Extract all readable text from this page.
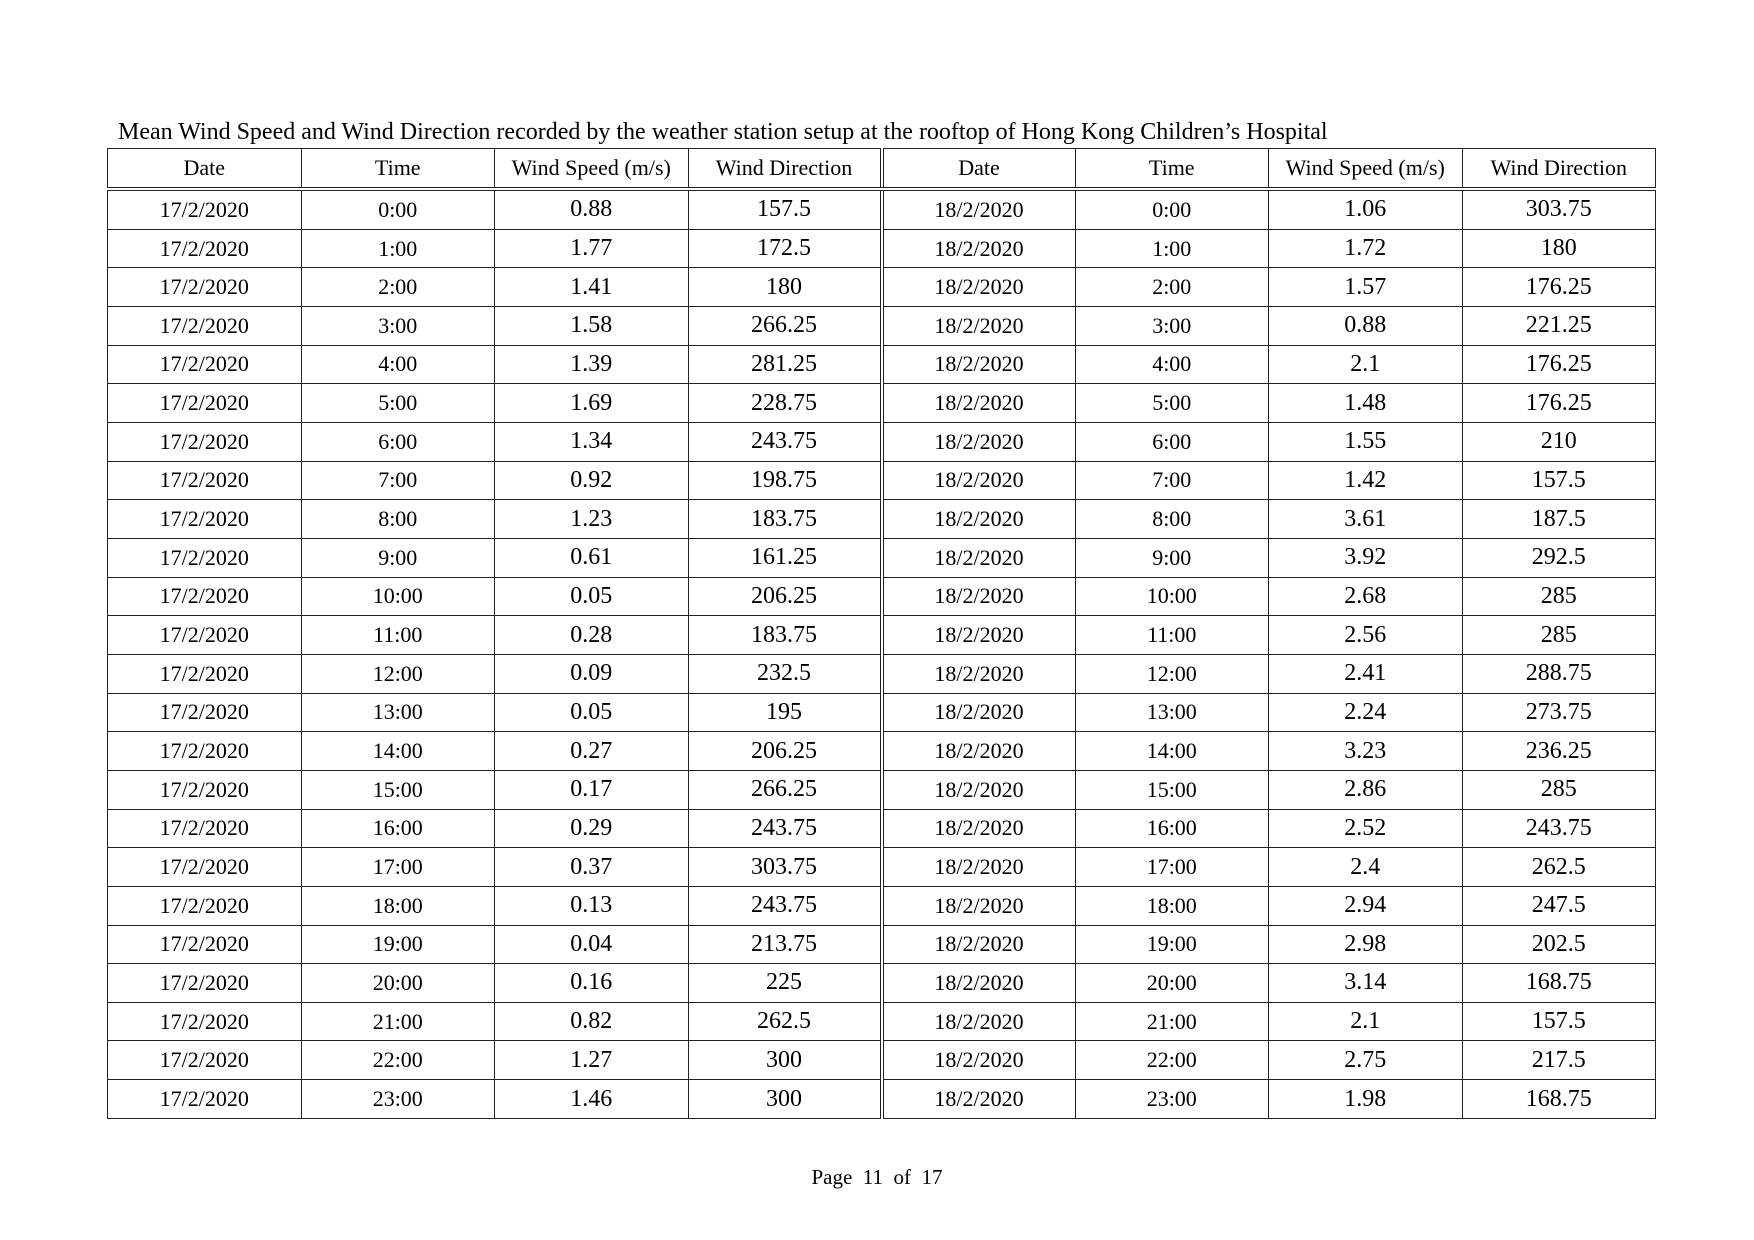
Mean Wind Speed and Wind Direction recorded by the weather station setup at the rooftop of Hong Kong Children’s Hospital
Date	Time	Wind Speed (m/s)	Wind Direction	Date	Time	Wind Speed (m/s)	Wind Direction
17/2/2020	0:00	0.88	157.5	18/2/2020	0:00	1.06	303.75
17/2/2020	1:00	1.77	172.5	18/2/2020	1:00	1.72	180
17/2/2020	2:00	1.41	180	18/2/2020	2:00	1.57	176.25
17/2/2020	3:00	1.58	266.25	18/2/2020	3:00	0.88	221.25
17/2/2020	4:00	1.39	281.25	18/2/2020	4:00	2.1	176.25
17/2/2020	5:00	1.69	228.75	18/2/2020	5:00	1.48	176.25
17/2/2020	6:00	1.34	243.75	18/2/2020	6:00	1.55	210
17/2/2020	7:00	0.92	198.75	18/2/2020	7:00	1.42	157.5
17/2/2020	8:00	1.23	183.75	18/2/2020	8:00	3.61	187.5
17/2/2020	9:00	0.61	161.25	18/2/2020	9:00	3.92	292.5
17/2/2020	10:00	0.05	206.25	18/2/2020	10:00	2.68	285
17/2/2020	11:00	0.28	183.75	18/2/2020	11:00	2.56	285
17/2/2020	12:00	0.09	232.5	18/2/2020	12:00	2.41	288.75
17/2/2020	13:00	0.05	195	18/2/2020	13:00	2.24	273.75
17/2/2020	14:00	0.27	206.25	18/2/2020	14:00	3.23	236.25
17/2/2020	15:00	0.17	266.25	18/2/2020	15:00	2.86	285
17/2/2020	16:00	0.29	243.75	18/2/2020	16:00	2.52	243.75
17/2/2020	17:00	0.37	303.75	18/2/2020	17:00	2.4	262.5
17/2/2020	18:00	0.13	243.75	18/2/2020	18:00	2.94	247.5
17/2/2020	19:00	0.04	213.75	18/2/2020	19:00	2.98	202.5
17/2/2020	20:00	0.16	225	18/2/2020	20:00	3.14	168.75
17/2/2020	21:00	0.82	262.5	18/2/2020	21:00	2.1	157.5
17/2/2020	22:00	1.27	300	18/2/2020	22:00	2.75	217.5
17/2/2020	23:00	1.46	300	18/2/2020	23:00	1.98	168.75
Page  11  of  17
